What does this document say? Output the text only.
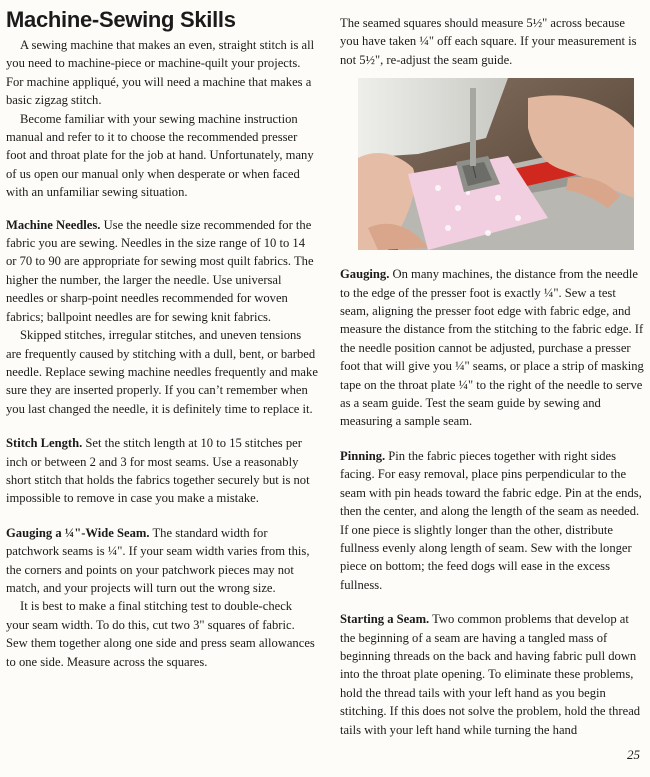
Machine-Sewing Skills

A sewing machine that makes an even, straight stitch is all you need to machine-piece or machine-quilt your projects. For machine appliqué, you will need a machine that makes a basic zigzag stitch.

Become familiar with your sewing machine instruction manual and refer to it to choose the recommended presser foot and throat plate for the job at hand. Unfortunately, many of us open our manual only when desperate or when faced with an unfamiliar sewing situation.

Machine Needles. Use the needle size recommended for the fabric you are sewing. Needles in the size range of 10 to 14 or 70 to 90 are appropriate for sewing most quilt fabrics. The higher the number, the larger the needle. Use universal needles or sharp-point needles recommended for woven fabrics; ballpoint needles are for sewing knit fabrics.

Skipped stitches, irregular stitches, and uneven tensions are frequently caused by stitching with a dull, bent, or barbed needle. Replace sewing machine needles frequently and make sure they are inserted properly. If you can’t remember when you last changed the needle, it is definitely time to replace it.

Stitch Length. Set the stitch length at 10 to 15 stitches per inch or between 2 and 3 for most seams. Use a reasonably short stitch that holds the fabrics together securely but is not impossible to remove in case you make a mistake.

Gauging a ¼"-Wide Seam. The standard width for patchwork seams is ¼". If your seam width varies from this, the corners and points on your patchwork pieces may not match, and your projects will turn out the wrong size.

It is best to make a final stitching test to double-check your seam width. To do this, cut two 3" squares of fabric. Sew them together along one side and press seam allowances to one side. Measure across the squares.

The seamed squares should measure 5½" across because you have taken ¼" off each square. If your measurement is not 5½", re-adjust the seam guide.

Gauging. On many machines, the distance from the needle to the edge of the presser foot is exactly ¼". Sew a test seam, aligning the presser foot edge with fabric edge, and measure the distance from the stitching to the fabric edge. If the needle position cannot be adjusted, purchase a presser foot that will give you ¼" seams, or place a strip of masking tape on the throat plate ¼" to the right of the needle to serve as a seam guide. Test the seam guide by sewing and measuring a sample seam.

Pinning. Pin the fabric pieces together with right sides facing. For easy removal, place pins perpendicular to the seam with pin heads toward the fabric edge. Pin at the ends, then the center, and along the length of the seam as needed. If one piece is slightly longer than the other, distribute fullness evenly along length of seam. Sew with the longer piece on bottom; the feed dogs will ease in the excess fullness.

Starting a Seam. Two common problems that develop at the beginning of a seam are having a tangled mass of beginning threads on the back and having fabric pull down into the throat plate opening. To eliminate these problems, hold the thread tails with your left hand as you begin stitching. If this does not solve the problem, hold the thread tails with your left hand while turning the hand

25
